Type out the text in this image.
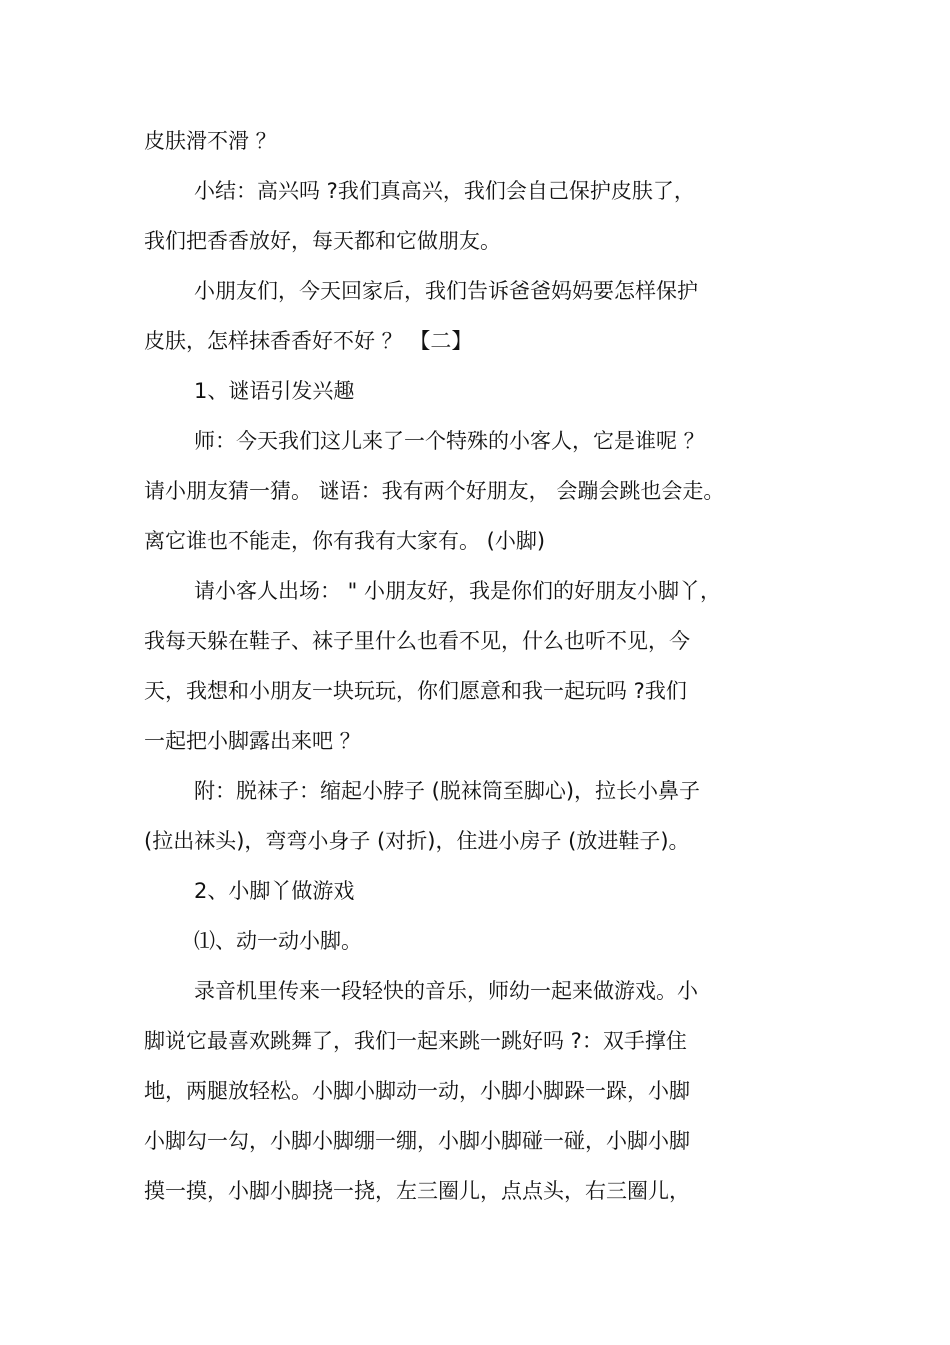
皮肤滑不滑 ？
小结：高兴吗 ?我们真高兴，我们会自己保护皮肤了，
我们把香香放好，每天都和它做朋友。
小朋友们，今天回家后，我们告诉爸爸妈妈要怎样保护
皮肤，怎样抹香香好不好 ？ 【二】
1、谜语引发兴趣
师：今天我们这儿来了一个特殊的小客人，它是谁呢 ？
请小朋友猜一猜。 谜语：我有两个好朋友， 会蹦会跳也会走。
离它谁也不能走，你有我有大家有。 (小脚)
请小客人出场： " 小朋友好，我是你们的好朋友小脚丫，
我每天躲在鞋子、袜子里什么也看不见，什么也听不见，今
天，我想和小朋友一块玩玩，你们愿意和我一起玩吗 ?我们
一起把小脚露出来吧 ？
附：脱袜子：缩起小脖子 (脱袜筒至脚心)，拉长小鼻子
(拉出袜头)，弯弯小身子 (对折)，住进小房子 (放进鞋子)。
2、小脚丫做游戏
⑴、动一动小脚。
录音机里传来一段轻快的音乐，师幼一起来做游戏。小
脚说它最喜欢跳舞了，我们一起来跳一跳好吗 ?：双手撑住
地，两腿放轻松。小脚小脚动一动，小脚小脚跺一跺，小脚
小脚勾一勾，小脚小脚绷一绷，小脚小脚碰一碰，小脚小脚
摸一摸，小脚小脚挠一挠，左三圈儿，点点头，右三圈儿，
